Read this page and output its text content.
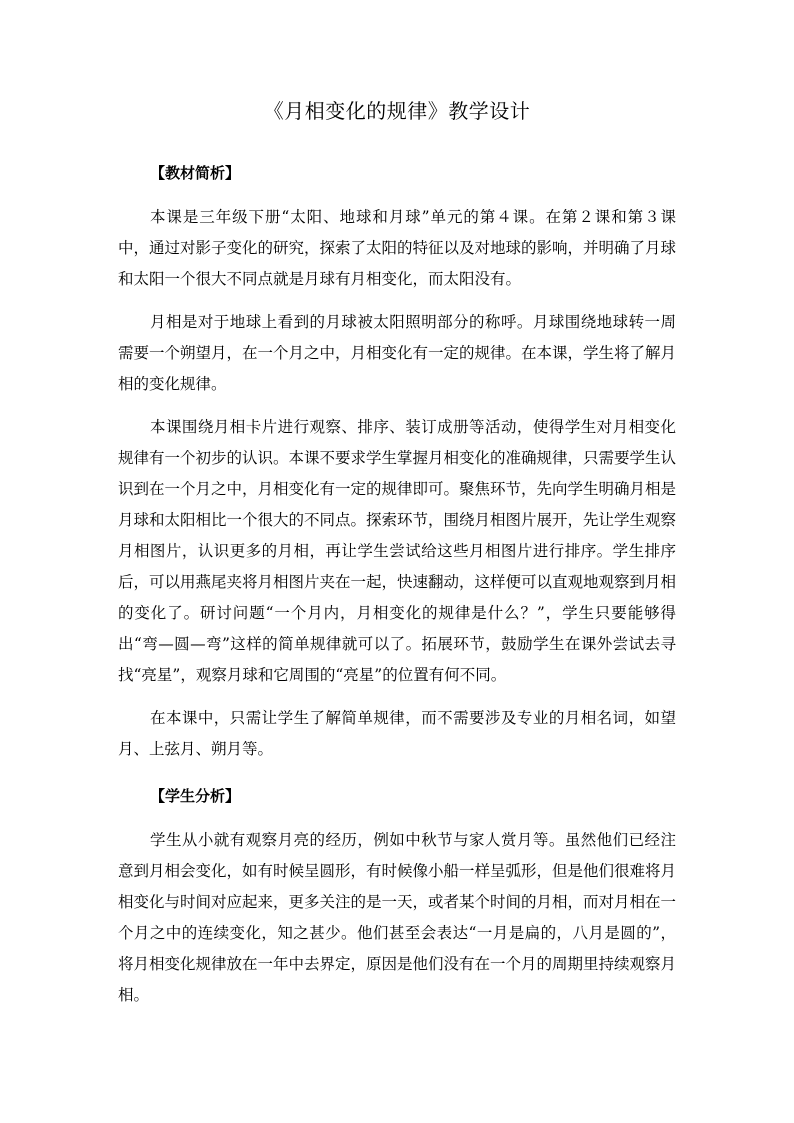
《月相变化的规律》教学设计
【教材简析】

本课是三年级下册“太阳、地球和月球”单元的第４课。在第２课和第３课中，通过对影子变化的研究，探索了太阳的特征以及对地球的影响，并明确了月球和太阳一个很大不同点就是月球有月相变化，而太阳没有。

月相是对于地球上看到的月球被太阳照明部分的称呼。月球围绕地球转一周需要一个朔望月，在一个月之中，月相变化有一定的规律。在本课，学生将了解月相的变化规律。

本课围绕月相卡片进行观察、排序、装订成册等活动，使得学生对月相变化规律有一个初步的认识。本课不要求学生掌握月相变化的准确规律，只需要学生认识到在一个月之中，月相变化有一定的规律即可。聚焦环节，先向学生明确月相是月球和太阳相比一个很大的不同点。探索环节，围绕月相图片展开，先让学生观察月相图片，认识更多的月相，再让学生尝试给这些月相图片进行排序。学生排序后，可以用燕尾夹将月相图片夹在一起，快速翻动，这样便可以直观地观察到月相的变化了。研讨问题“一个月内，月相变化的规律是什么？”，学生只要能够得出“弯—圆—弯”这样的简单规律就可以了。拓展环节，鼓励学生在课外尝试去寻找“亮星”，观察月球和它周围的“亮星”的位置有何不同。

在本课中，只需让学生了解简单规律，而不需要涉及专业的月相名词，如望月、上弦月、朔月等。

【学生分析】

学生从小就有观察月亮的经历，例如中秋节与家人赏月等。虽然他们已经注意到月相会变化，如有时候呈圆形，有时候像小船一样呈弧形，但是他们很难将月相变化与时间对应起来，更多关注的是一天，或者某个时间的月相，而对月相在一个月之中的连续变化，知之甚少。他们甚至会表达“一月是扁的，八月是圆的”，将月相变化规律放在一年中去界定，原因是他们没有在一个月的周期里持续观察月相。
